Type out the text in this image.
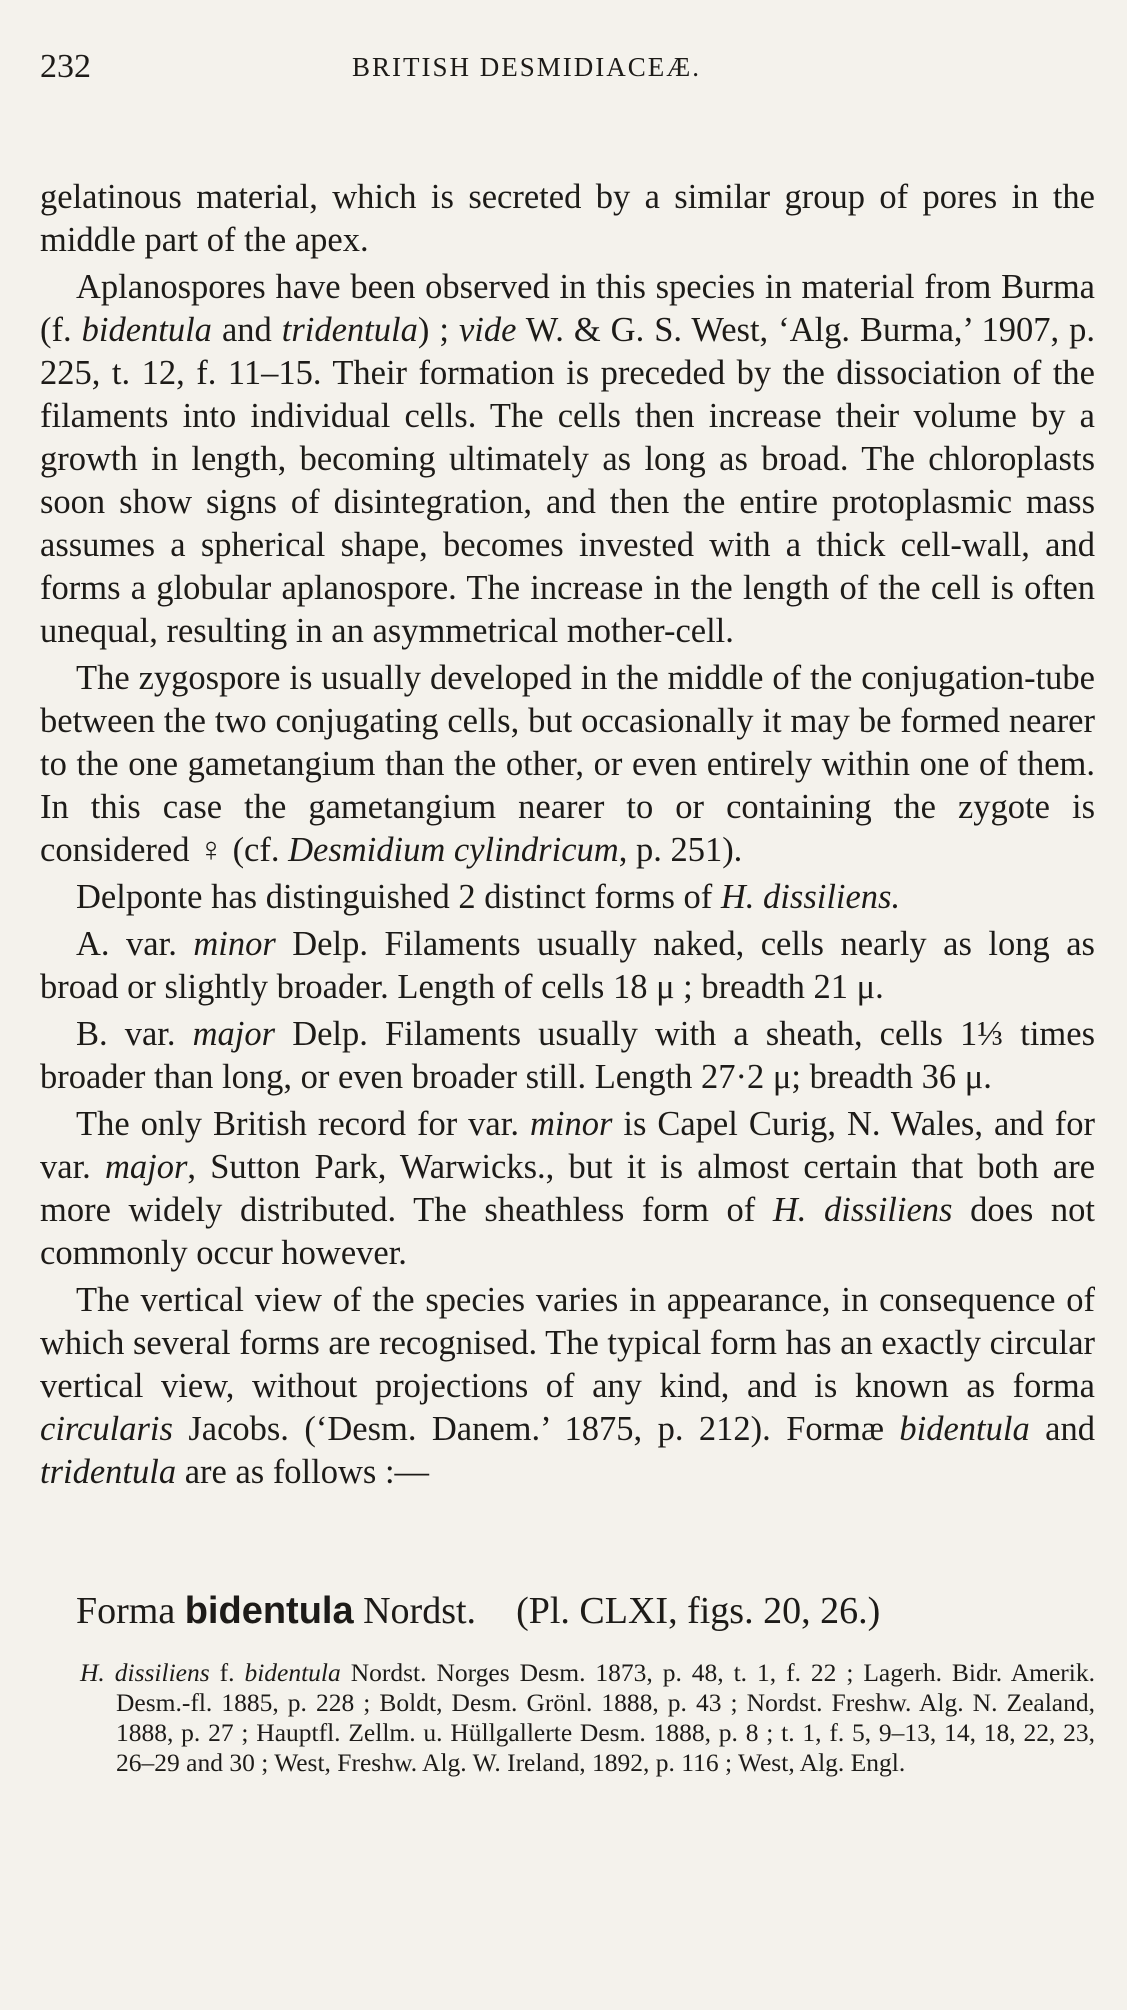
232	BRITISH DESMIDIACEÆ.

gelatinous material, which is secreted by a similar group of pores in the middle part of the apex.

Aplanospores have been observed in this species in material from Burma (f. bidentula and tridentula) ; vide W. & G. S. West, ‘Alg. Burma,’ 1907, p. 225, t. 12, f. 11–15. Their formation is preceded by the dissociation of the filaments into individual cells. The cells then increase their volume by a growth in length, becoming ultimately as long as broad. The chloroplasts soon show signs of disintegration, and then the entire protoplasmic mass assumes a spherical shape, becomes invested with a thick cell-wall, and forms a globular aplanospore. The increase in the length of the cell is often unequal, resulting in an asymmetrical mother-cell.

The zygospore is usually developed in the middle of the conjugation-tube between the two conjugating cells, but occasionally it may be formed nearer to the one gametangium than the other, or even entirely within one of them. In this case the gametangium nearer to or containing the zygote is considered ♀ (cf. Desmidium cylindricum, p. 251).

Delponte has distinguished 2 distinct forms of H. dissiliens.

A. var. minor Delp. Filaments usually naked, cells nearly as long as broad or slightly broader. Length of cells 18 μ ; breadth 21 μ.

B. var. major Delp. Filaments usually with a sheath, cells 1⅓ times broader than long, or even broader still. Length 27·2 μ; breadth 36 μ.

The only British record for var. minor is Capel Curig, N. Wales, and for var. major, Sutton Park, Warwicks., but it is almost certain that both are more widely distributed. The sheathless form of H. dissiliens does not commonly occur however.

The vertical view of the species varies in appearance, in consequence of which several forms are recognised. The typical form has an exactly circular vertical view, without projections of any kind, and is known as forma circularis Jacobs. (‘Desm. Danem.’ 1875, p. 212). Formæ bidentula and tridentula are as follows :—

Forma bidentula Nordst. (Pl. CLXI, figs. 20, 26.)
H. dissiliens f. bidentula Nordst. Norges Desm. 1873, p. 48, t. 1, f. 22 ; Lagerh. Bidr. Amerik. Desm.-fl. 1885, p. 228 ; Boldt, Desm. Grönl. 1888, p. 43 ; Nordst. Freshw. Alg. N. Zealand, 1888, p. 27 ; Hauptfl. Zellm. u. Hüllgallerte Desm. 1888, p. 8 ; t. 1, f. 5, 9–13, 14, 18, 22, 23, 26–29 and 30 ; West, Freshw. Alg. W. Ireland, 1892, p. 116 ; West, Alg. Engl.
